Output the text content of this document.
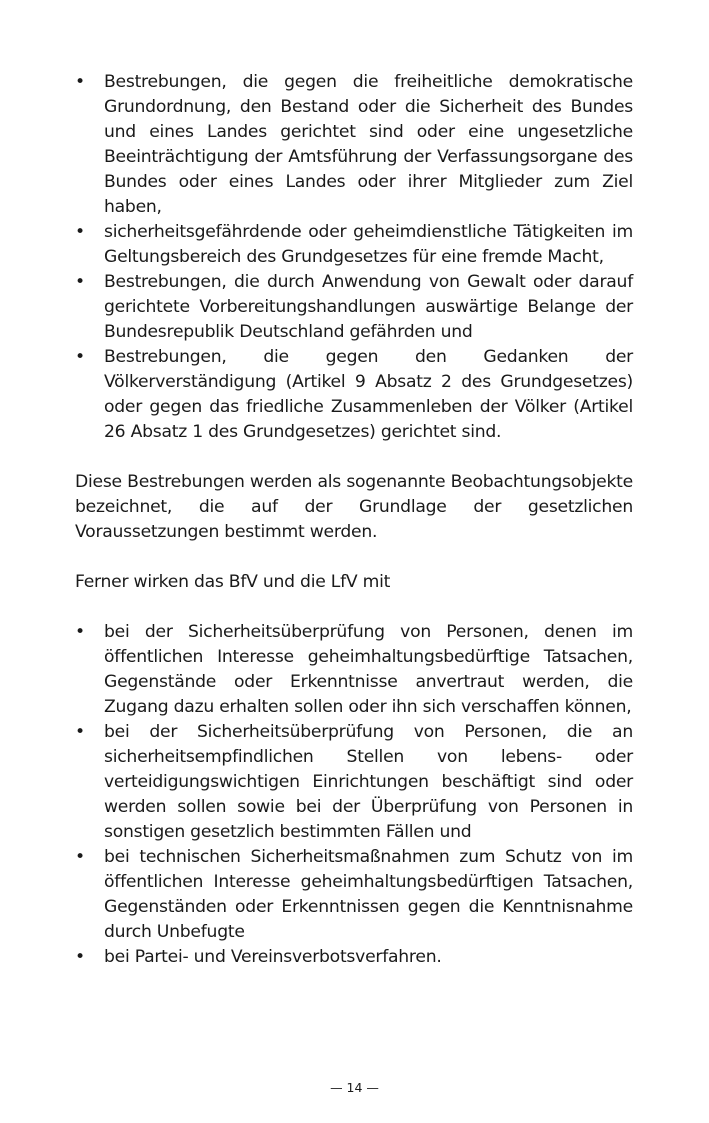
• Bestrebungen, die gegen die freiheitliche demokratische Grundordnung, den Bestand oder die Sicherheit des Bundes und eines Landes gerichtet sind oder eine ungesetzliche Beeinträchtigung der Amtsführung der Verfassungsorgane des Bundes oder eines Landes oder ihrer Mitglieder zum Ziel haben,
• sicherheitsgefährdende oder geheimdienstliche Tätigkeiten im Geltungsbereich des Grundgesetzes für eine fremde Macht,
• Bestrebungen, die durch Anwendung von Gewalt oder darauf gerichtete Vorbereitungshandlungen auswärtige Belange der Bundesrepublik Deutschland gefährden und
• Bestrebungen, die gegen den Gedanken der Völkerverständigung (Artikel 9 Absatz 2 des Grundgesetzes) oder gegen das friedliche Zusammenleben der Völker (Artikel 26 Absatz 1 des Grundgesetzes) gerichtet sind.

Diese Bestrebungen werden als sogenannte Beobachtungsobjekte bezeichnet, die auf der Grundlage der gesetzlichen Voraussetzungen bestimmt werden.

Ferner wirken das BfV und die LfV mit

• bei der Sicherheitsüberprüfung von Personen, denen im öffentlichen Interesse geheimhaltungsbedürftige Tatsachen, Gegenstände oder Erkenntnisse anvertraut werden, die Zugang dazu erhalten sollen oder ihn sich verschaffen können,
• bei der Sicherheitsüberprüfung von Personen, die an sicherheitsempfindlichen Stellen von lebens- oder verteidigungswichtigen Einrichtungen beschäftigt sind oder werden sollen sowie bei der Überprüfung von Personen in sonstigen gesetzlich bestimmten Fällen und
• bei technischen Sicherheitsmaßnahmen zum Schutz von im öffentlichen Interesse geheimhaltungsbedürftigen Tatsachen, Gegenständen oder Erkenntnissen gegen die Kenntnisnahme durch Unbefugte
• bei Partei- und Vereinsverbotsverfahren.
— 14 —
